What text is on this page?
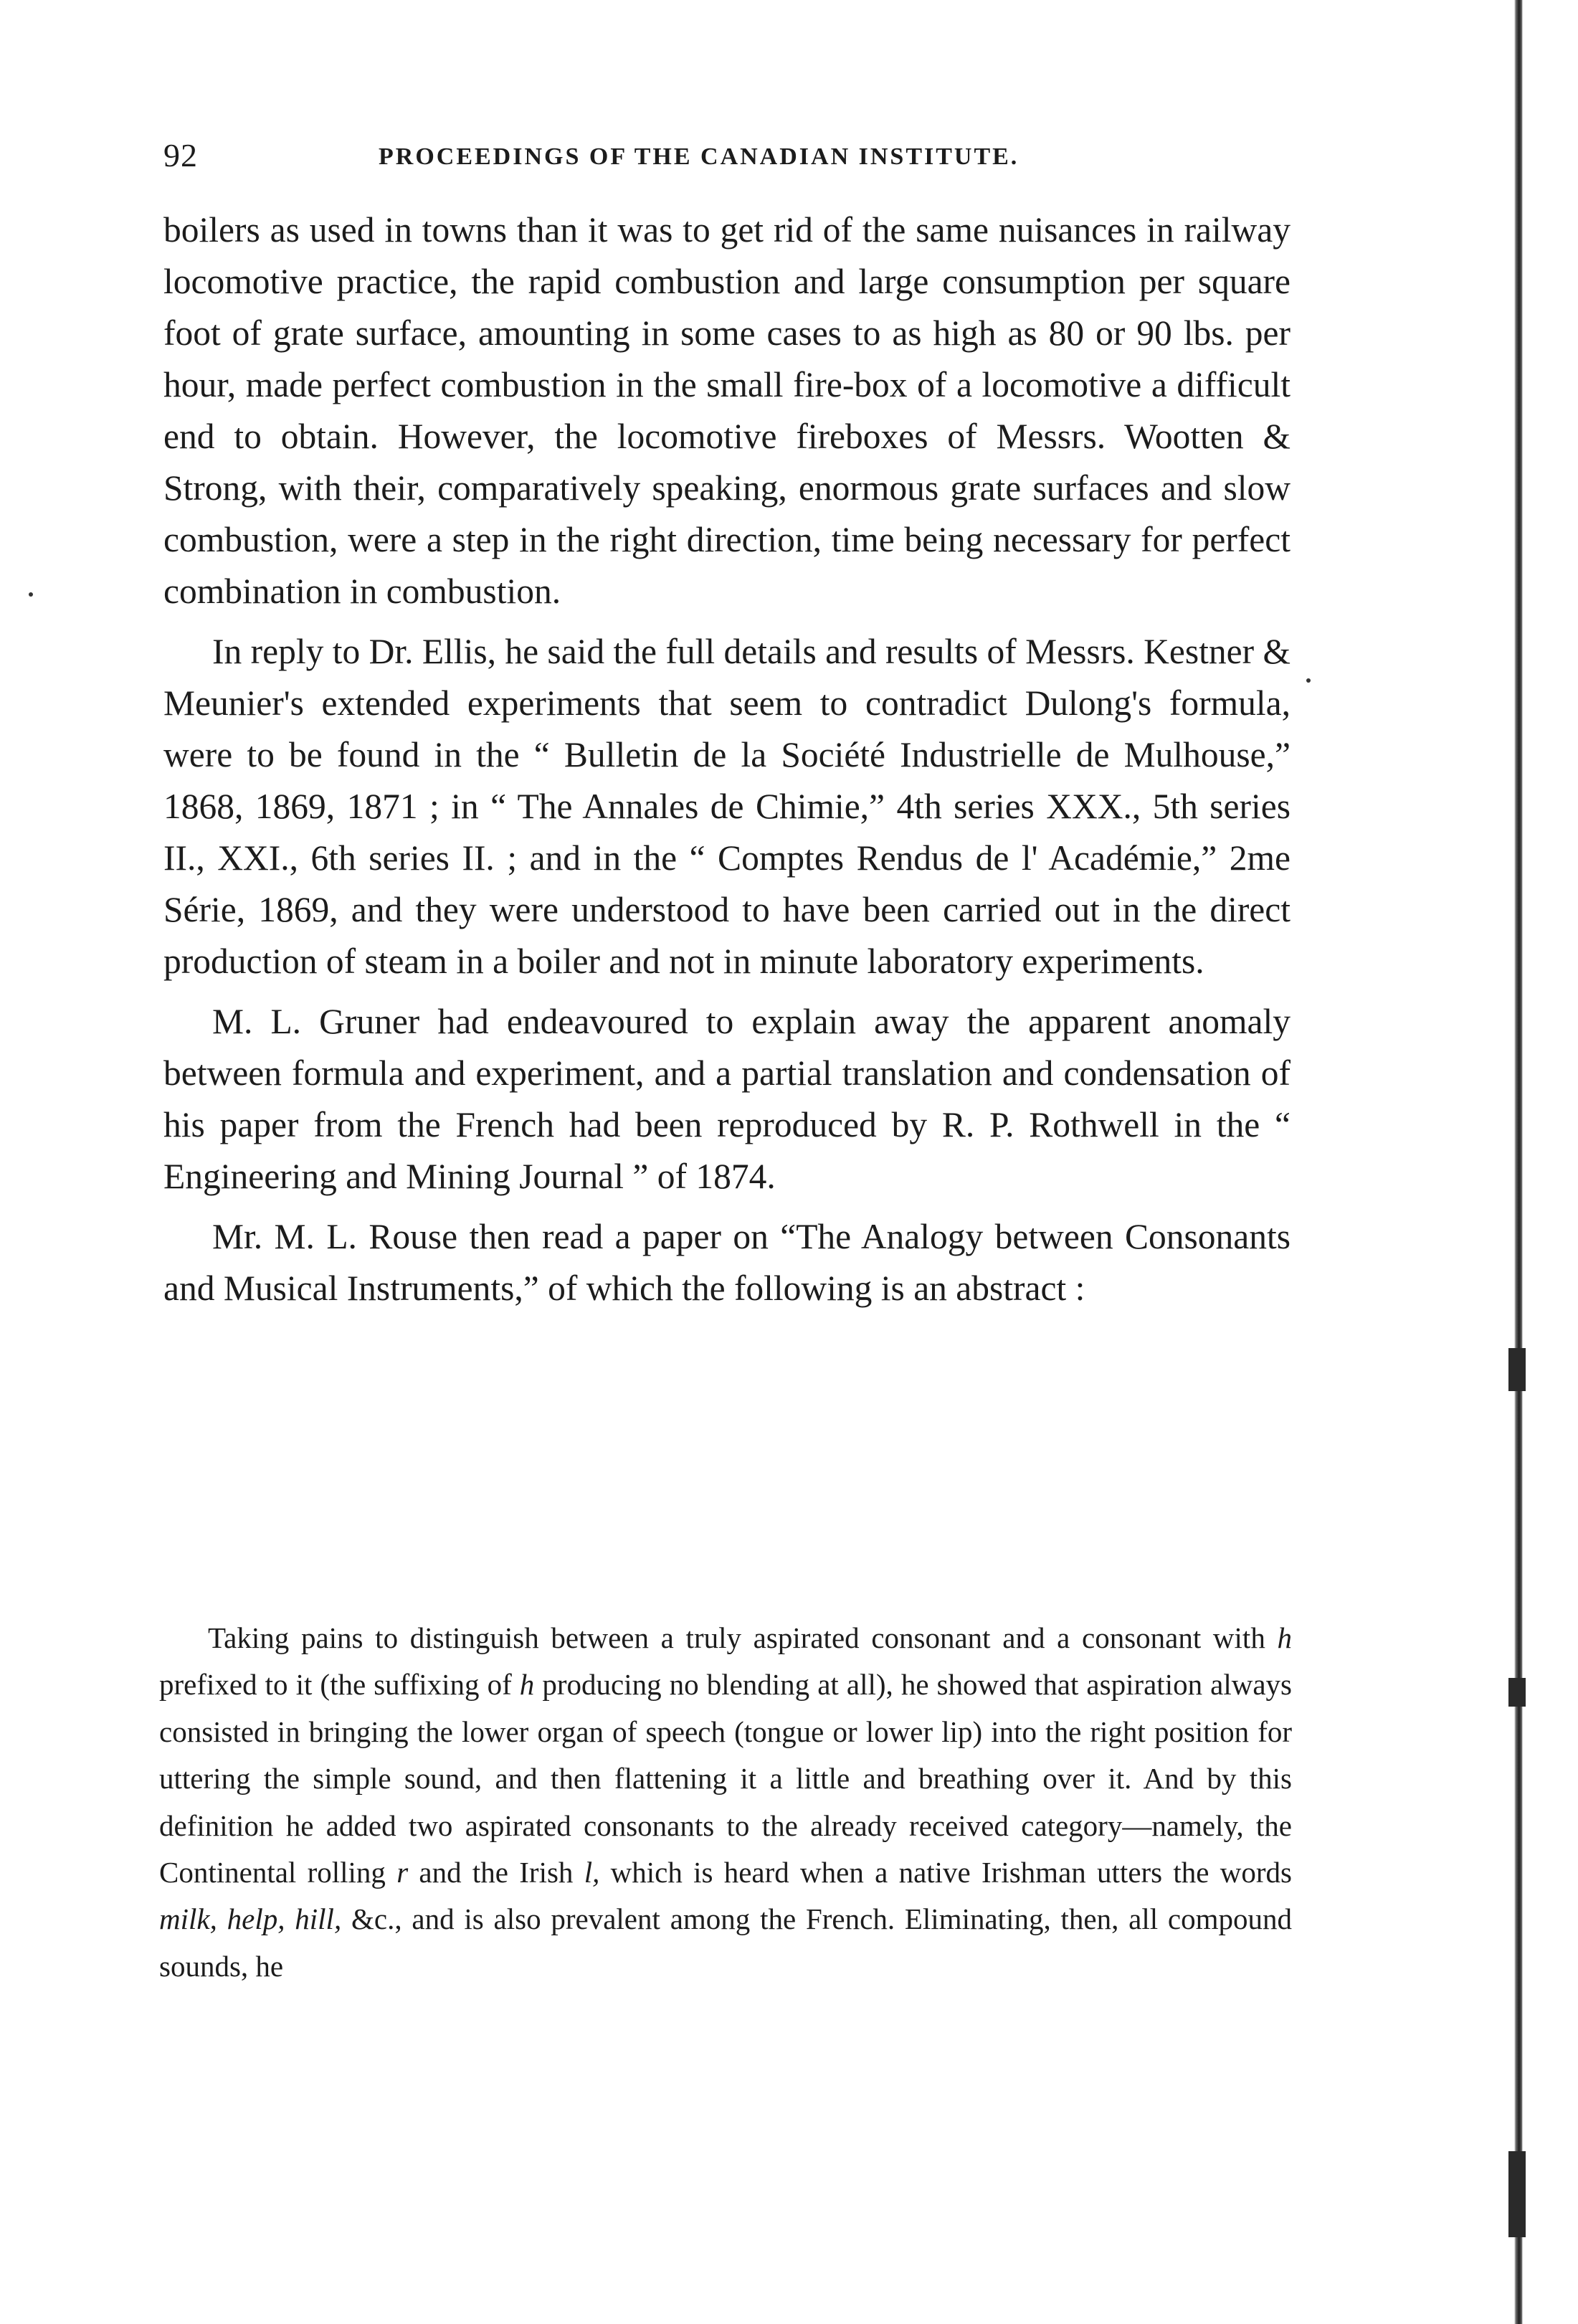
92	PROCEEDINGS OF THE CANADIAN INSTITUTE.

boilers as used in towns than it was to get rid of the same nuisances in railway locomotive practice, the rapid combustion and large consumption per square foot of grate surface, amounting in some cases to as high as 80 or 90 lbs. per hour, made perfect combustion in the small fire-box of a locomotive a difficult end to obtain. However, the locomotive fireboxes of Messrs. Wootten & Strong, with their, comparatively speaking, enormous grate surfaces and slow combustion, were a step in the right direction, time being necessary for perfect combination in combustion.

In reply to Dr. Ellis, he said the full details and results of Messrs. Kestner & Meunier's extended experiments that seem to contradict Dulong's formula, were to be found in the “ Bulletin de la Société Industrielle de Mulhouse,” 1868, 1869, 1871 ; in “ The Annales de Chimie,” 4th series XXX., 5th series II., XXI., 6th series II. ; and in the “ Comptes Rendus de l' Académie,” 2me Série, 1869, and they were understood to have been carried out in the direct production of steam in a boiler and not in minute laboratory experiments.

M. L. Gruner had endeavoured to explain away the apparent anomaly between formula and experiment, and a partial translation and condensation of his paper from the French had been reproduced by R. P. Rothwell in the “ Engineering and Mining Journal ” of 1874.

Mr. M. L. Rouse then read a paper on “The Analogy between Consonants and Musical Instruments,” of which the following is an abstract :

Taking pains to distinguish between a truly aspirated consonant and a consonant with h prefixed to it (the suffixing of h producing no blending at all), he showed that aspiration always consisted in bringing the lower organ of speech (tongue or lower lip) into the right position for uttering the simple sound, and then flattening it a little and breathing over it. And by this definition he added two aspirated consonants to the already received category—namely, the Continental rolling r and the Irish l, which is heard when a native Irishman utters the words milk, help, hill, &c., and is also prevalent among the French. Eliminating, then, all compound sounds, he
